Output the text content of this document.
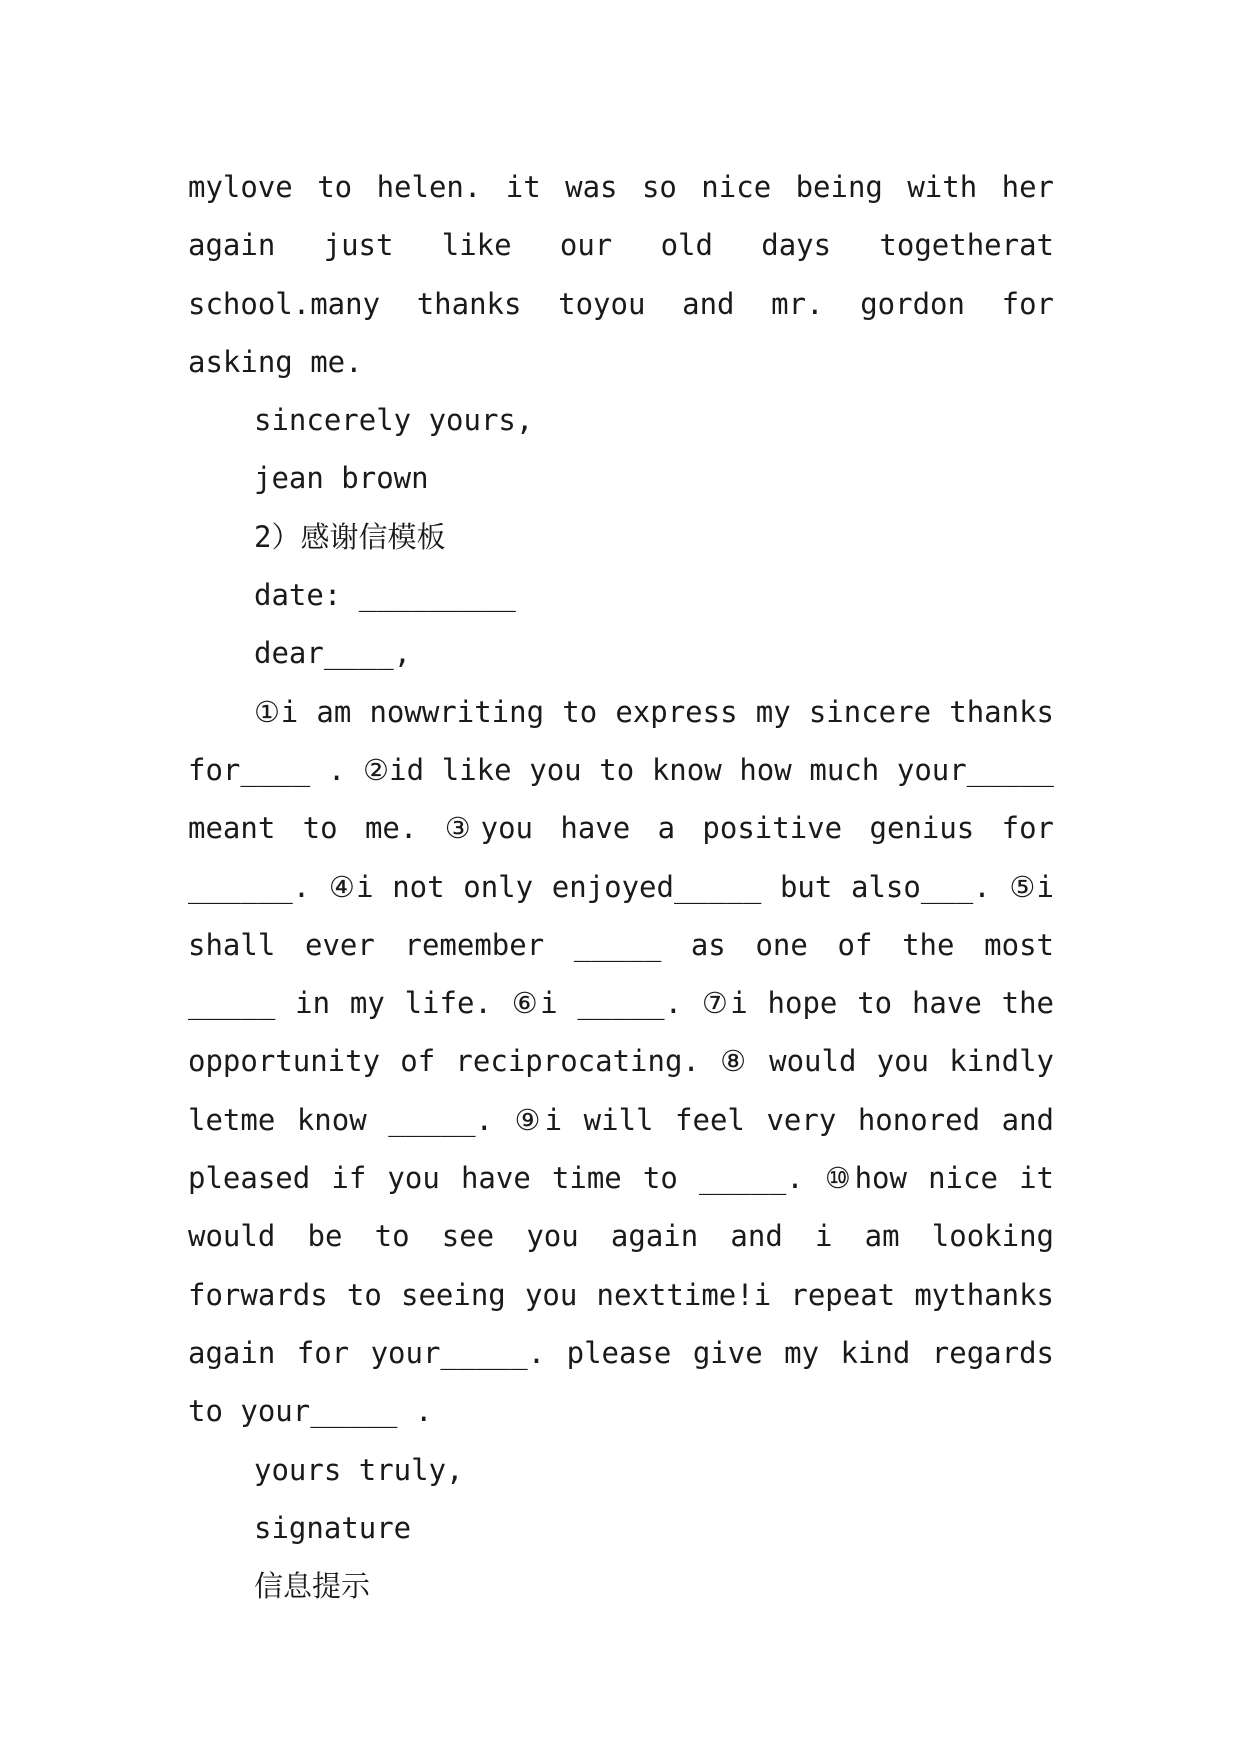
mylove to helen. it was so nice being with her again just like our old days togetherat school.many thanks toyou and mr. gordon for asking me.

sincerely yours,

jean brown

2）感谢信模板

date: _________

dear____,

①i am nowwriting to express my sincere thanks for____ . ②id like you to know how much your_____ meant to me. ③you have a positive genius for ______. ④i not only enjoyed_____ but also___. ⑤i shall ever remember _____ as one of the most _____ in my life. ⑥i _____. ⑦i hope to have the opportunity of reciprocating. ⑧ would you kindly letme know _____. ⑨i will feel very honored and pleased if you have time to _____. ⑩how nice it would be to see you again and i am looking forwards to seeing you nexttime!i repeat mythanks again for your_____. please give my kind regards to your_____ .

yours truly,

signature

信息提示
